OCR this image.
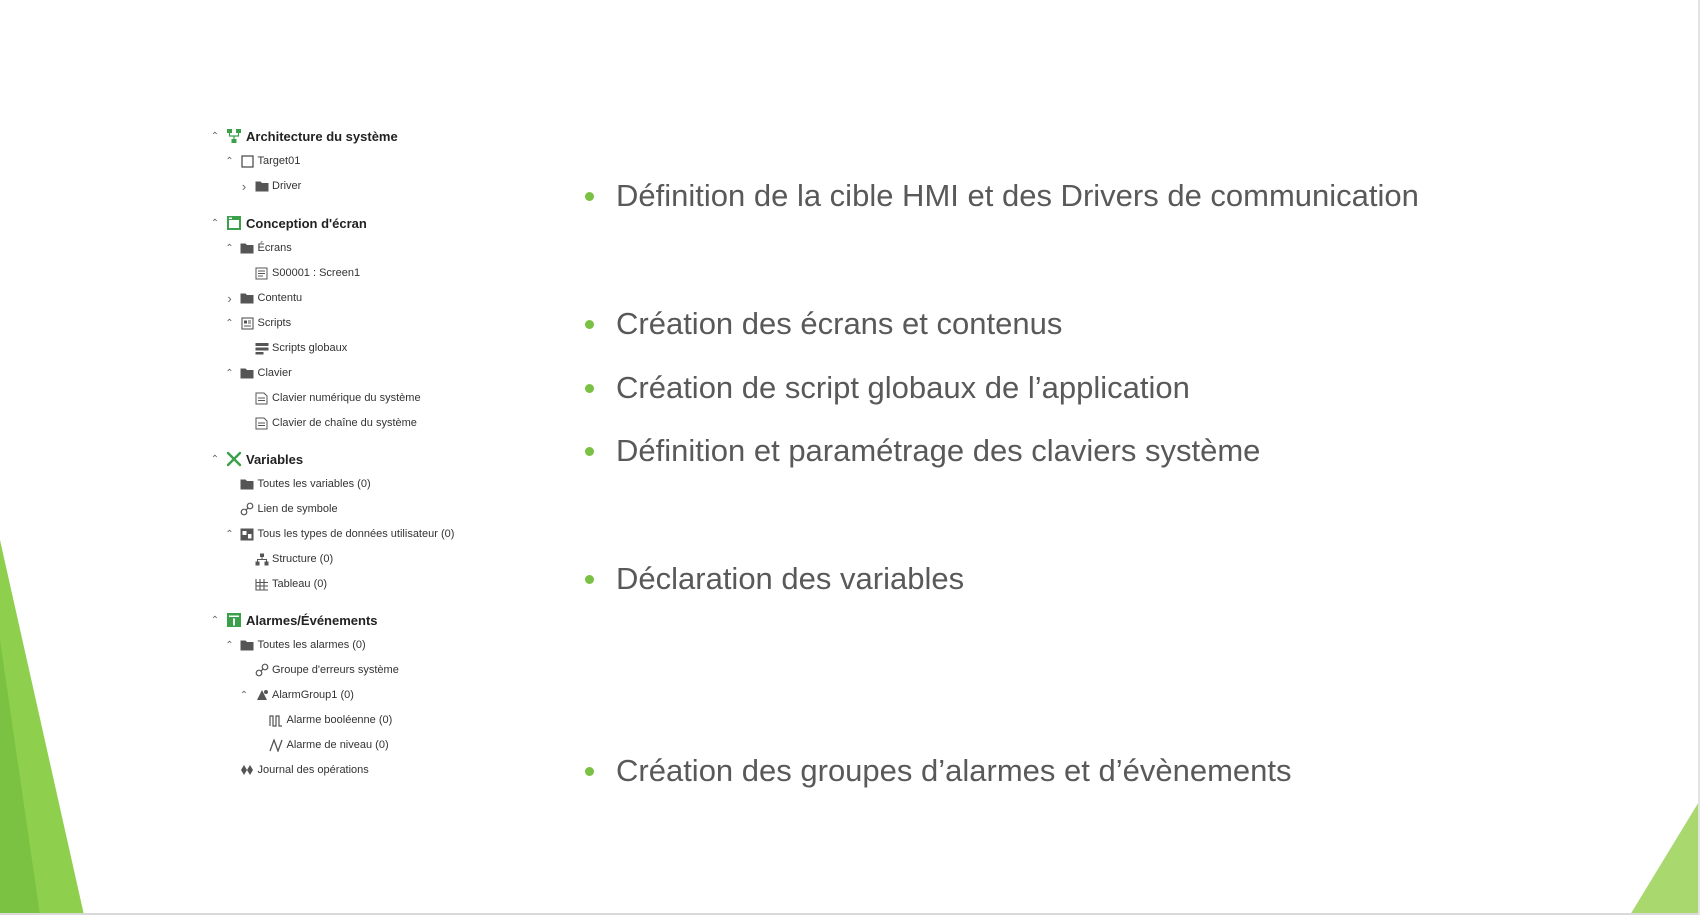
⌃ Architecture du système
⌃ Target01
›	Driver
⌃ Conception d'écran
⌃ Écrans
S00001 : Screen1
›	Contentu
⌃ Scripts
Scripts globaux
⌃ Clavier
Clavier numérique du système
Clavier de chaîne du système
⌃ Variables
Toutes les variables (0)
Lien de symbole
⌃ Tous les types de données utilisateur (0)
Structure (0)
Tableau (0)
⌃ Alarmes/Événements
⌃ Toutes les alarmes (0)
Groupe d'erreurs système
⌃ AlarmGroup1 (0)
Alarme booléenne (0)
Alarme de niveau (0)
Journal des opérations
Définition de la cible HMI et des Drivers de communication
Création des écrans et contenus
Création de script globaux de l’application
Définition et paramétrage des claviers système
Déclaration des variables
Création des groupes d’alarmes et d’évènements
